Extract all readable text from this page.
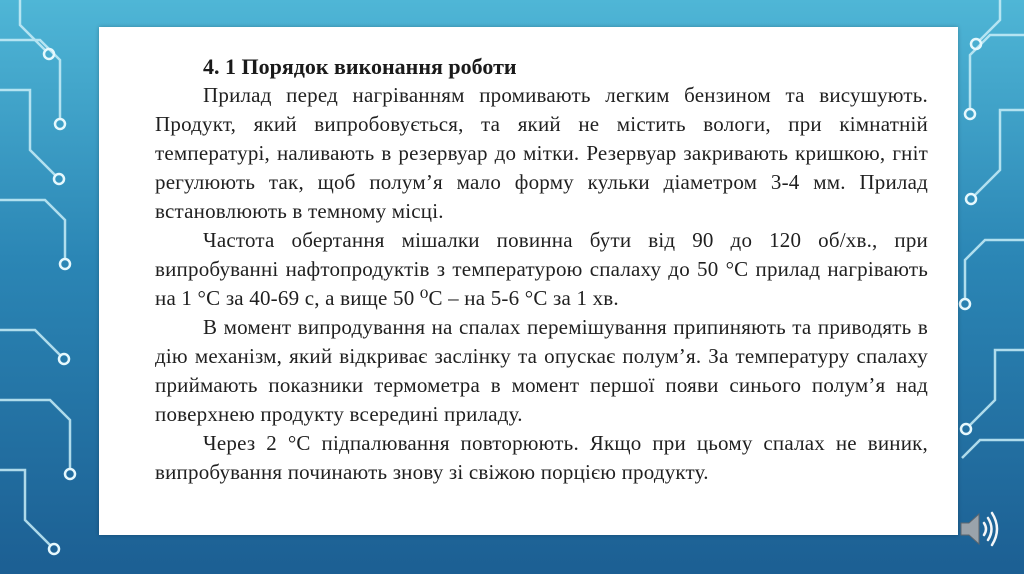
4. 1 Порядок виконання роботи

Прилад перед нагріванням промивають легким бензином та висушують. Продукт, який випробовується, та який не містить вологи, при кімнатній температурі, наливають в резервуар до мітки. Резервуар закривають кришкою, гніт регулюють так, щоб полум’я мало форму кульки діаметром 3-4 мм. Прилад встановлюють в темному місці.

Частота обертання мішалки повинна бути від 90 до 120 об/хв., при випробуванні нафтопродуктів з температурою спалаху до 50 °С прилад нагрівають на 1 °С за 40-69 с, а вище 50 ⁰С – на 5-6 °С за 1 хв.

В момент випродування на спалах перемішування припиняють та приводять в дію механізм, який відкриває заслінку та опускає полум’я. За температуру спалаху приймають показники термометра в момент першої появи синього полум’я над поверхнею продукту всередині приладу.

Через 2 °С підпалювання повторюють. Якщо при цьому спалах не виник, випробування починають знову зі свіжою порцією продукту.
